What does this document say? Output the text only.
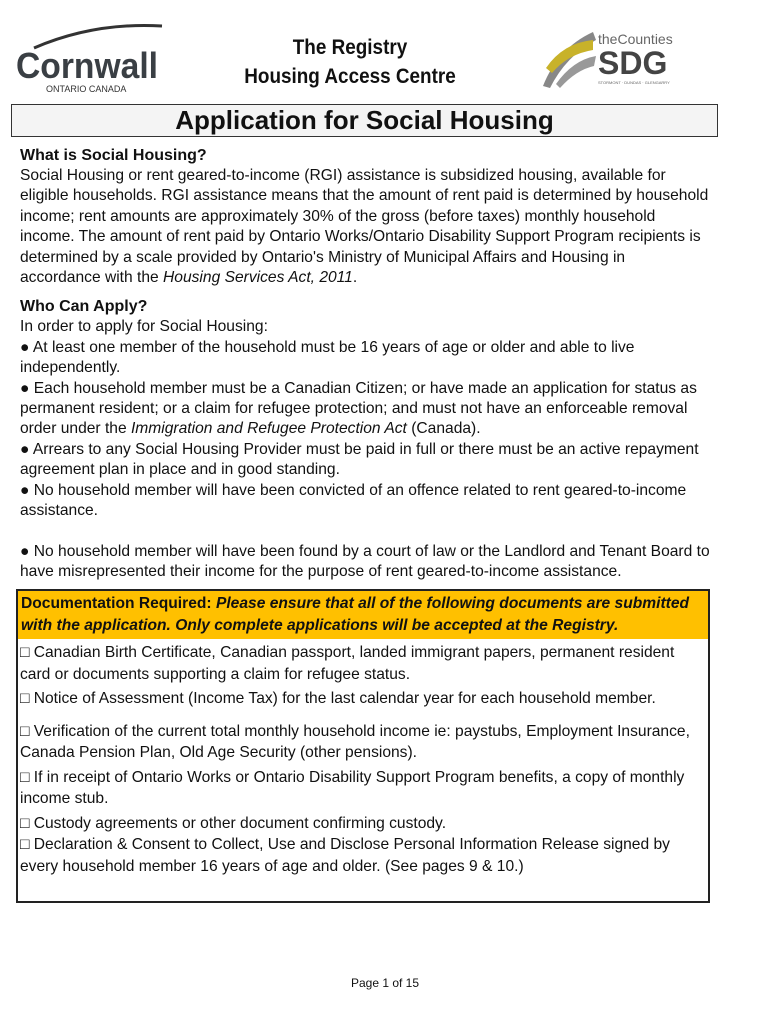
Cornwall
ONTARIO CANADA
The Registry
Housing Access Centre
theCounties
SDG
STORMONT · DUNDAS · GLENGARRY
Application for Social Housing
What is Social Housing?

Social Housing or rent geared-to-income (RGI) assistance is subsidized housing, available for eligible households. RGI assistance means that the amount of rent paid is determined by household income; rent amounts are approximately 30% of the gross (before taxes) monthly household income. The amount of rent paid by Ontario Works/Ontario Disability Support Program recipients is determined by a scale provided by Ontario's Ministry of Municipal Affairs and Housing in accordance with the Housing Services Act, 2011.

Who Can Apply?

In order to apply for Social Housing:

● At least one member of the household must be 16 years of age or older and able to live independently.

● Each household member must be a Canadian Citizen; or have made an application for status as permanent resident; or a claim for refugee protection; and must not have an enforceable removal order under the Immigration and Refugee Protection Act (Canada).

● Arrears to any Social Housing Provider must be paid in full or there must be an active repayment agreement plan in place and in good standing.

● No household member will have been convicted of an offence related to rent geared-to-income assistance.

● No household member will have been found by a court of law or the Landlord and Tenant Board to have misrepresented their income for the purpose of rent geared-to-income assistance.

Documentation Required: Please ensure that all of the following documents are submitted with the application. Only complete applications will be accepted at the Registry.
□ Canadian Birth Certificate, Canadian passport, landed immigrant papers, permanent resident card or documents supporting a claim for refugee status.
□ Notice of Assessment (Income Tax) for the last calendar year for each household member.
□ Verification of the current total monthly household income ie: paystubs, Employment Insurance, Canada Pension Plan, Old Age Security (other pensions).
□ If in receipt of Ontario Works or Ontario Disability Support Program benefits, a copy of monthly income stub.
□ Custody agreements or other document confirming custody.
□ Declaration & Consent to Collect, Use and Disclose Personal Information Release signed by every household member 16 years of age and older. (See pages 9 & 10.)
Page 1 of 15
